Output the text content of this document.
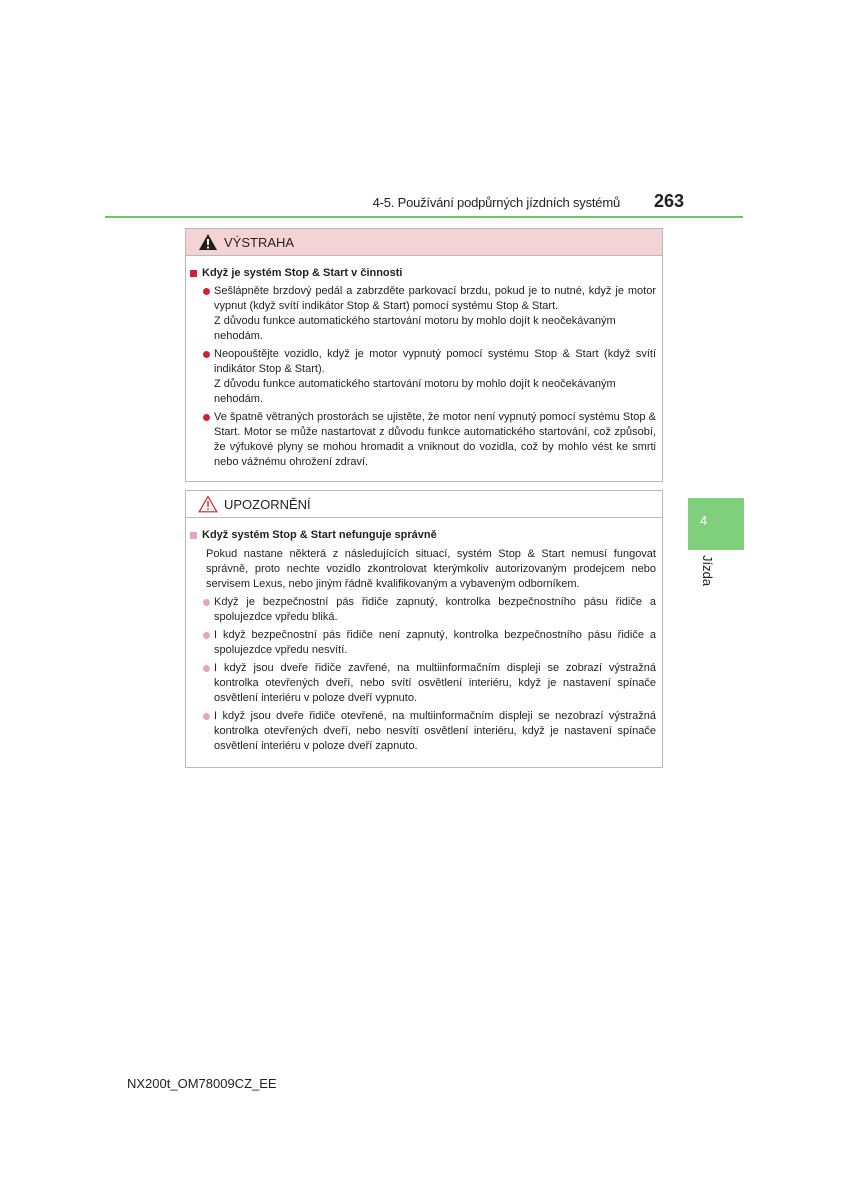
4-5. Používání podpůrných jízdních systémů	263
4
Jízda
VÝSTRAHA
Když je systém Stop & Start v činnosti
Sešlápněte brzdový pedál a zabrzděte parkovací brzdu, pokud je to nutné, když je motor vypnut (když svítí indikátor Stop & Start) pomocí systému Stop & Start.
Z důvodu funkce automatického startování motoru by mohlo dojít k neočekávaným nehodám.
Neopouštějte vozidlo, když je motor vypnutý pomocí systému Stop & Start (když svítí indikátor Stop & Start).
Z důvodu funkce automatického startování motoru by mohlo dojít k neočekávaným nehodám.
Ve špatně větraných prostorách se ujistěte, že motor není vypnutý pomocí systému Stop & Start. Motor se může nastartovat z důvodu funkce automatického startování, což způsobí, že výfukové plyny se mohou hromadit a vniknout do vozidla, což by mohlo vést ke smrti nebo vážnému ohrožení zdraví.
UPOZORNĚNÍ
Když systém Stop & Start nefunguje správně
Pokud nastane některá z následujících situací, systém Stop & Start nemusí fungovat správně, proto nechte vozidlo zkontrolovat kterýmkoliv autorizovaným prodejcem nebo servisem Lexus, nebo jiným řádně kvalifikovaným a vybaveným odborníkem.
Když je bezpečnostní pás řidiče zapnutý, kontrolka bezpečnostního pásu řidiče a spolujezdce vpředu bliká.
I když bezpečnostní pás řidiče není zapnutý, kontrolka bezpečnostního pásu řidiče a spolujezdce vpředu nesvítí.
I když jsou dveře řidiče zavřené, na multiinformačním displeji se zobrazí výstražná kontrolka otevřených dveří, nebo svítí osvětlení interiéru, když je nastavení spínače osvětlení interiéru v poloze dveří vypnuto.
I když jsou dveře řidiče otevřené, na multiinformačním displeji se nezobrazí výstražná kontrolka otevřených dveří, nebo nesvítí osvětlení interiéru, když je nastavení spínače osvětlení interiéru v poloze dveří zapnuto.
NX200t_OM78009CZ_EE
